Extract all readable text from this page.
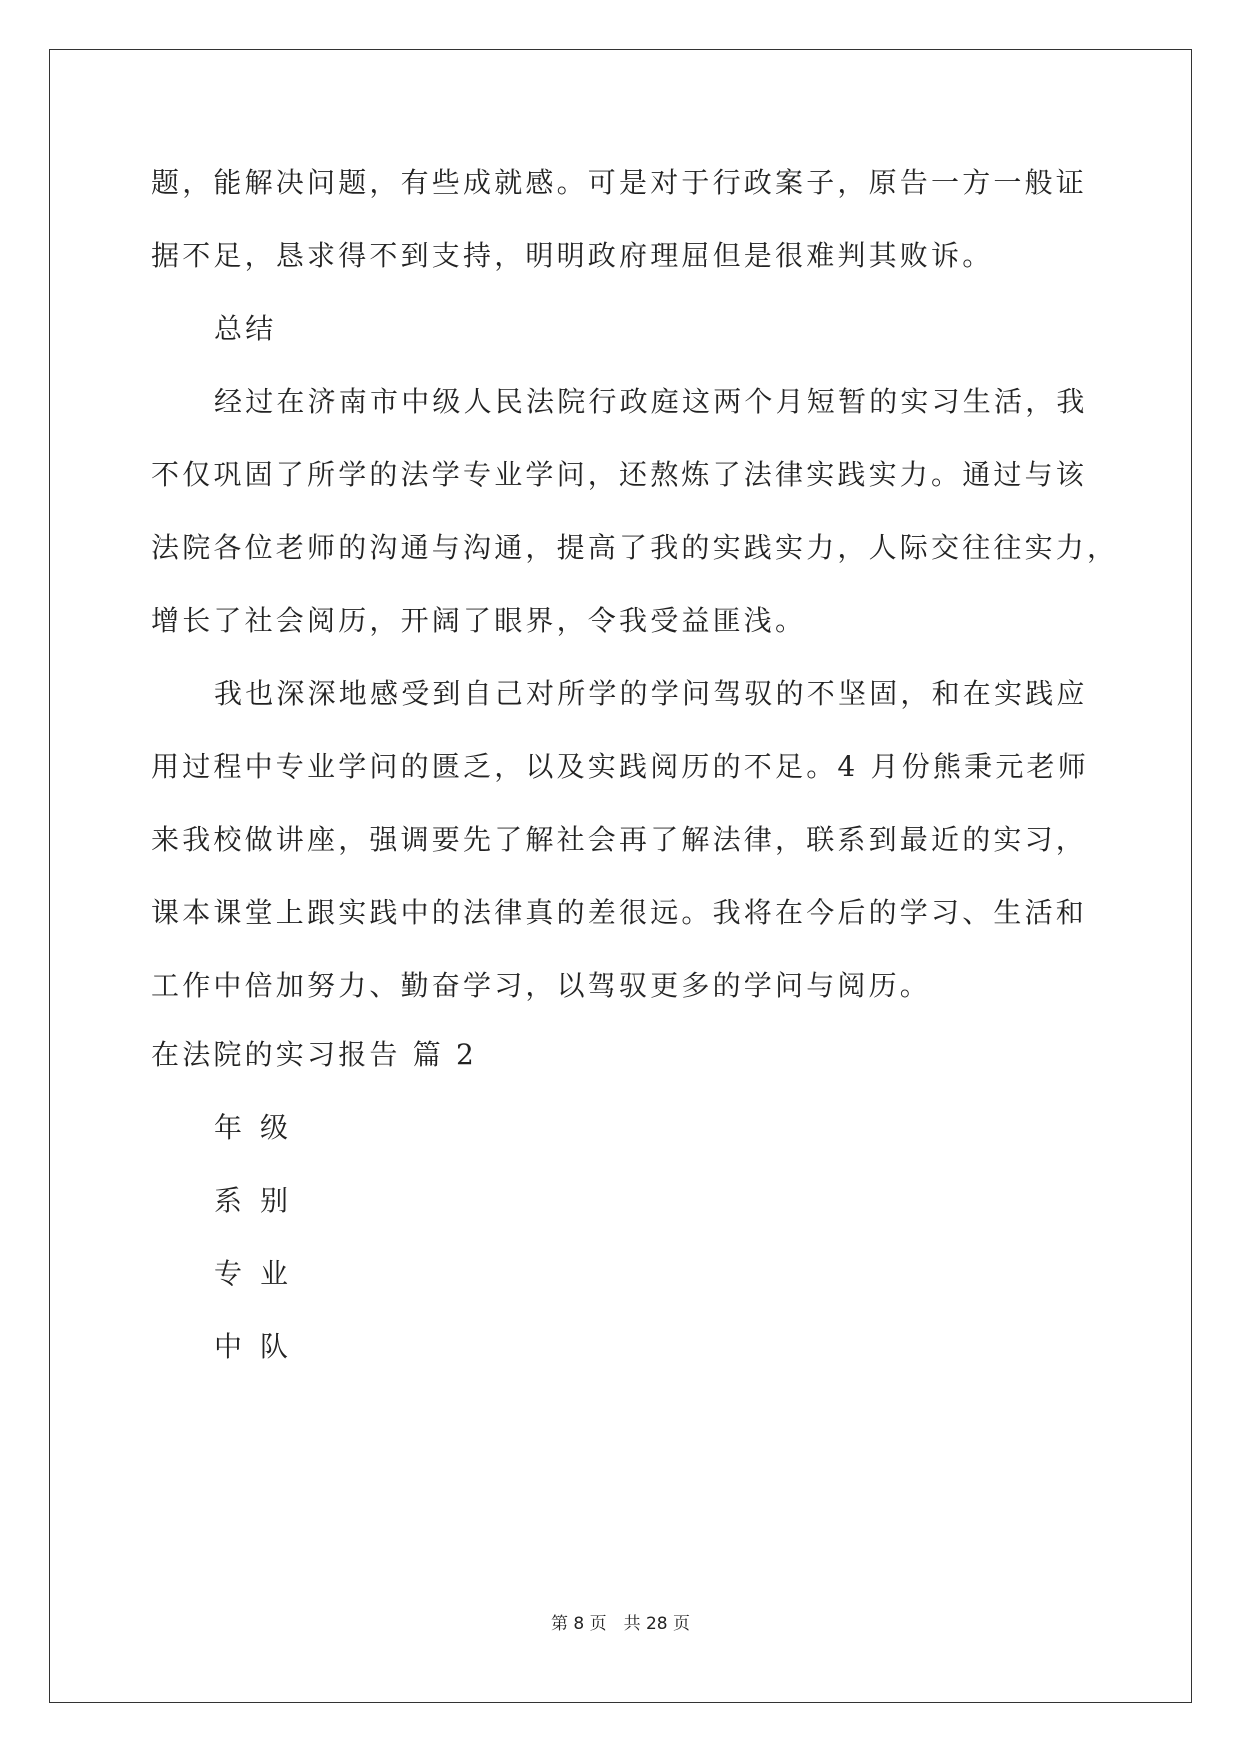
题，能解决问题，有些成就感。可是对于行政案子，原告一方一般证
据不足，恳求得不到支持，明明政府理屈但是很难判其败诉。
总结
经过在济南市中级人民法院行政庭这两个月短暂的实习生活，我
不仅巩固了所学的法学专业学问，还熬炼了法律实践实力。通过与该
法院各位老师的沟通与沟通，提高了我的实践实力，人际交往往实力，
增长了社会阅历，开阔了眼界，令我受益匪浅。
我也深深地感受到自己对所学的学问驾驭的不坚固，和在实践应
用过程中专业学问的匮乏，以及实践阅历的不足。4 月份熊秉元老师
来我校做讲座，强调要先了解社会再了解法律，联系到最近的实习，
课本课堂上跟实践中的法律真的差很远。我将在今后的学习、生活和
工作中倍加努力、勤奋学习，以驾驭更多的学问与阅历。
在法院的实习报告 篇 2
年级
系别
专业
中队
第 8 页　共 28 页
